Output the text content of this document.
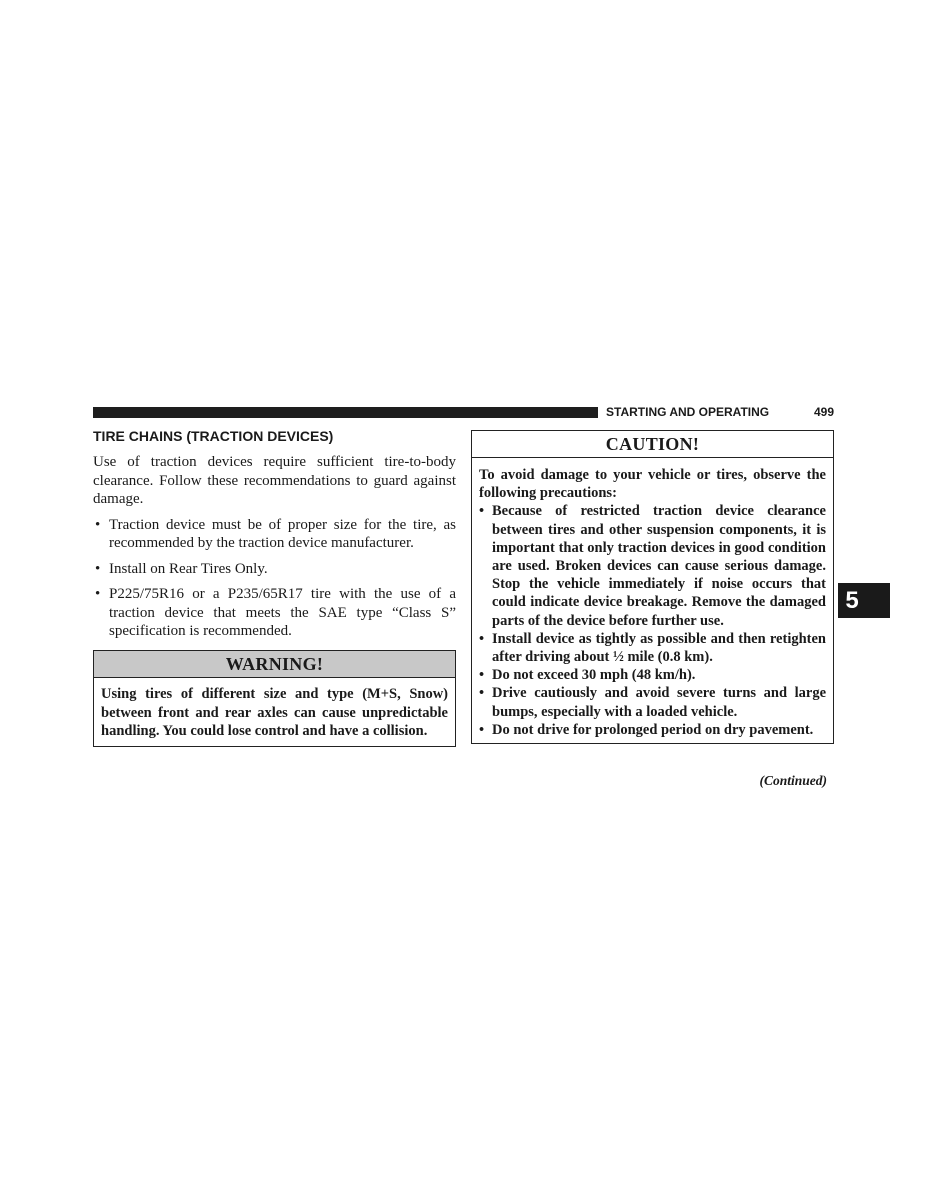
STARTING AND OPERATING	499
5
TIRE CHAINS (TRACTION DEVICES)

Use of traction devices require sufficient tire-to-body clearance. Follow these recommendations to guard against damage.

• Traction device must be of proper size for the tire, as recommended by the traction device manufacturer.
• Install on Rear Tires Only.
• P225/75R16 or a P235/65R17 tire with the use of a traction device that meets the SAE type “Class S” specification is recommended.
WARNING!
Using tires of different size and type (M+S, Snow) between front and rear axles can cause unpredictable handling. You could lose control and have a collision.
CAUTION!

To avoid damage to your vehicle or tires, observe the following precautions:

• Because of restricted traction device clearance between tires and other suspension components, it is important that only traction devices in good condition are used. Broken devices can cause serious damage. Stop the vehicle immediately if noise occurs that could indicate device breakage. Remove the damaged parts of the device before further use.
• Install device as tightly as possible and then retighten after driving about ½ mile (0.8 km).
• Do not exceed 30 mph (48 km/h).
• Drive cautiously and avoid severe turns and large bumps, especially with a loaded vehicle.
• Do not drive for prolonged period on dry pavement.
(Continued)
